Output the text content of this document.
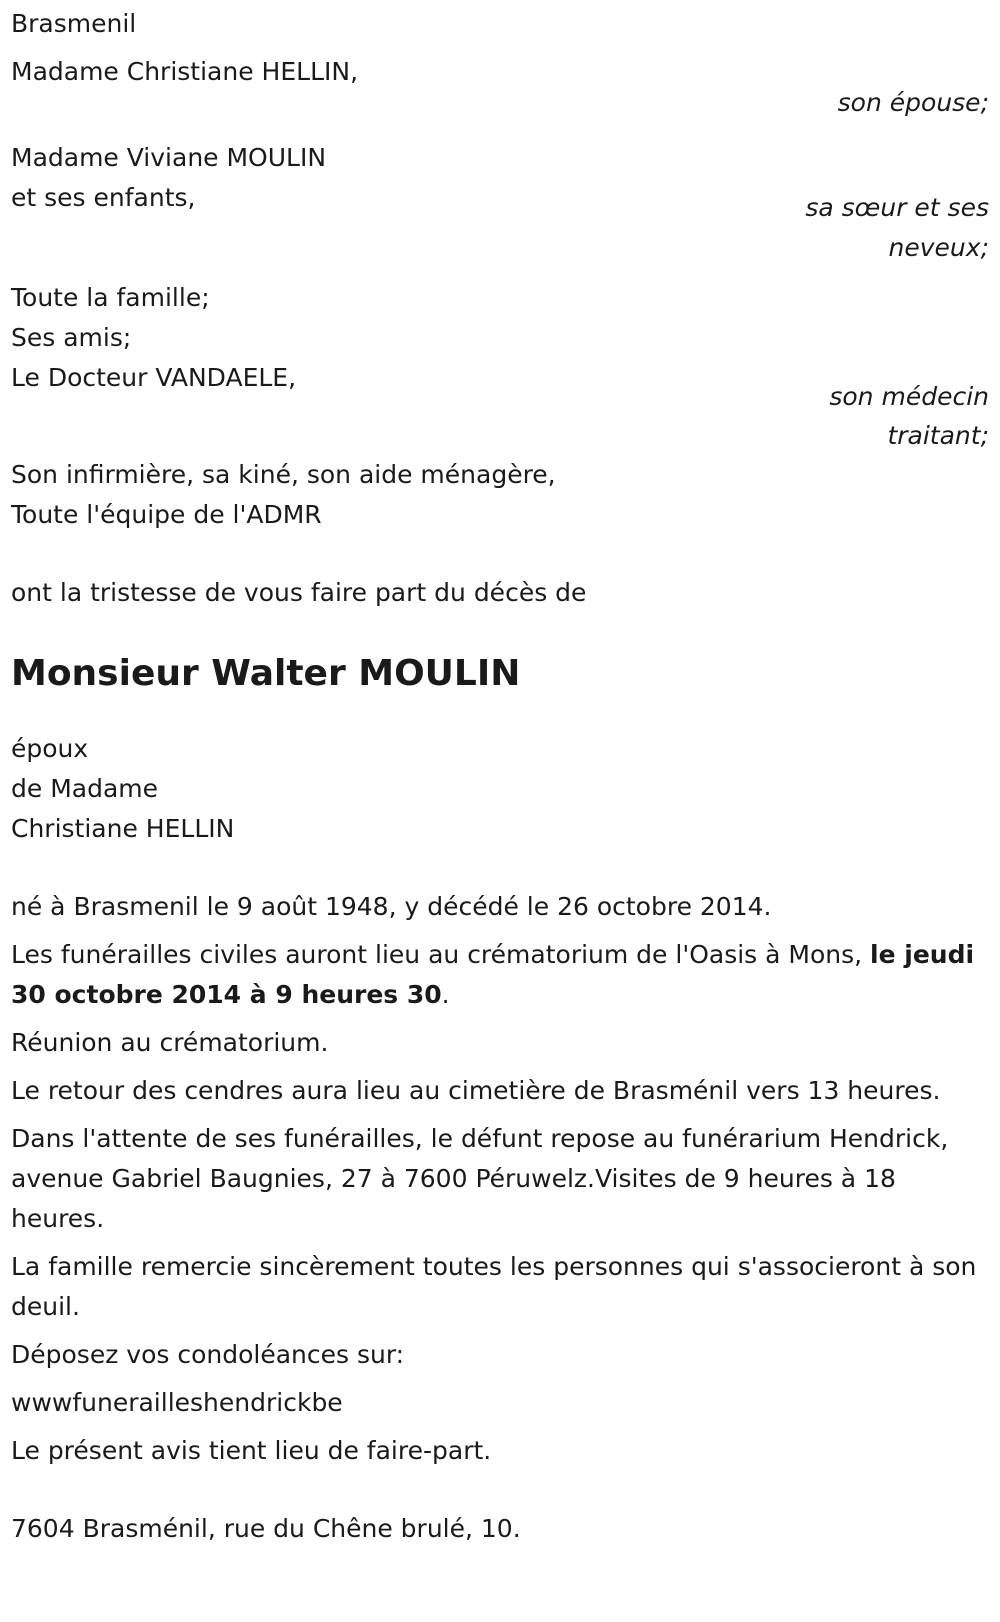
Brasmenil

Madame Christiane HELLIN,
son épouse;
Madame Viviane MOULIN
et ses enfants,	sa sœur et ses
neveux;
Toute la famille;
Ses amis;
Le Docteur VANDAELE,
son médecin
traitant;
Son infirmière, sa kiné, son aide ménagère,
Toute l'équipe de l'ADMR

ont la tristesse de vous faire part du décès de

Monsieur Walter MOULIN

époux

de Madame

Christiane HELLIN

né à Brasmenil le 9 août 1948, y décédé le 26 octobre 2014.

Les funérailles civiles auront lieu au crématorium de l'Oasis à Mons, le jeudi 30 octobre 2014 à 9 heures 30.

Réunion au crématorium.

Le retour des cendres aura lieu au cimetière de Brasménil vers 13 heures.

Dans l'attente de ses funérailles, le défunt repose au funérarium Hendrick, avenue Gabriel Baugnies, 27 à 7600 Péruwelz.Visites de 9 heures à 18 heures.

La famille remercie sincèrement toutes les personnes qui s'associeront à son deuil.

Déposez vos condoléances sur:

wwwfunerailleshendrickbe

Le présent avis tient lieu de faire-part.

7604 Brasménil, rue du Chêne brulé, 10.
